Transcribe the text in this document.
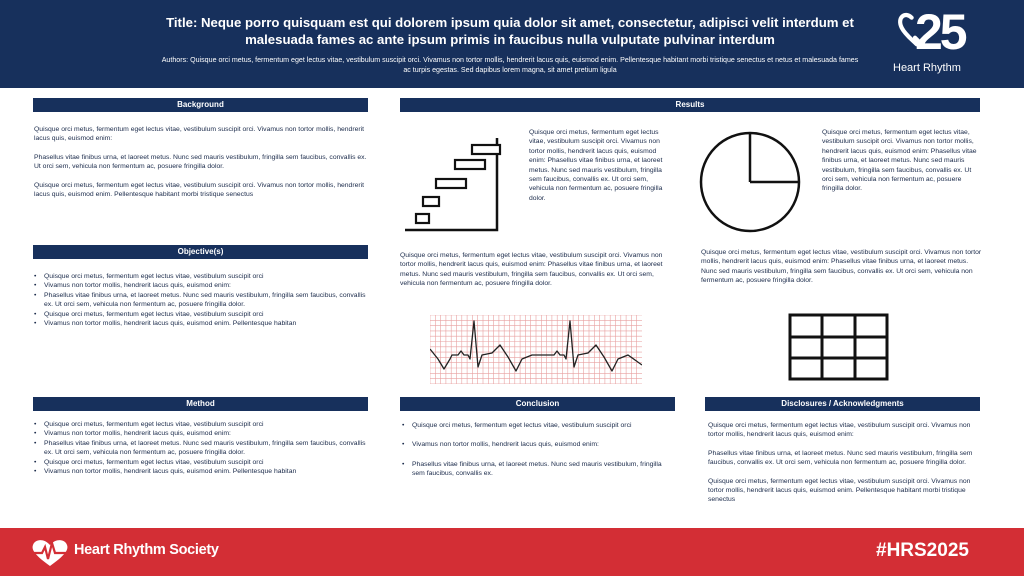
Title: Neque porro quisquam est qui dolorem ipsum quia dolor sit amet, consectetur, adipisci velit interdum et malesuada fames ac ante ipsum primis in faucibus nulla vulputate pulvinar interdum
Authors: Quisque orci metus, fermentum eget lectus vitae, vestibulum suscipit orci. Vivamus non tortor mollis, hendrerit lacus quis, euismod enim. Pellentesque habitant morbi tristique senectus et netus et malesuada fames ac turpis egestas. Sed dapibus lorem magna, sit amet pretium ligula
25
Heart Rhythm
Background

Quisque orci metus, fermentum eget lectus vitae, vestibulum suscipit orci. Vivamus non tortor mollis, hendrerit lacus quis, euismod enim:

Phasellus vitae finibus urna, et laoreet metus. Nunc sed mauris vestibulum, fringilla sem faucibus, convallis ex. Ut orci sem, vehicula non fermentum ac, posuere fringilla dolor.

Quisque orci metus, fermentum eget lectus vitae, vestibulum suscipit orci. Vivamus non tortor mollis, hendrerit lacus quis, euismod enim. Pellentesque habitant morbi tristique senectus

Objective(s)
• Quisque orci metus, fermentum eget lectus vitae, vestibulum suscipit orci
• Vivamus non tortor mollis, hendrerit lacus quis, euismod enim:
• Phasellus vitae finibus urna, et laoreet metus. Nunc sed mauris vestibulum, fringilla sem faucibus, convallis ex. Ut orci sem, vehicula non fermentum ac, posuere fringilla dolor.
• Quisque orci metus, fermentum eget lectus vitae, vestibulum suscipit orci
• Vivamus non tortor mollis, hendrerit lacus quis, euismod enim. Pellentesque habitan
Method
• Quisque orci metus, fermentum eget lectus vitae, vestibulum suscipit orci
• Vivamus non tortor mollis, hendrerit lacus quis, euismod enim:
• Phasellus vitae finibus urna, et laoreet metus. Nunc sed mauris vestibulum, fringilla sem faucibus, convallis ex. Ut orci sem, vehicula non fermentum ac, posuere fringilla dolor.
• Quisque orci metus, fermentum eget lectus vitae, vestibulum suscipit orci
• Vivamus non tortor mollis, hendrerit lacus quis, euismod enim. Pellentesque habitan
Results
Quisque orci metus, fermentum eget lectus vitae, vestibulum suscipit orci. Vivamus non tortor mollis, hendrerit lacus quis, euismod enim: Phasellus vitae finibus urna, et laoreet metus. Nunc sed mauris vestibulum, fringilla sem faucibus, convallis ex. Ut orci sem, vehicula non fermentum ac, posuere fringilla dolor.
Quisque orci metus, fermentum eget lectus vitae, vestibulum suscipit orci. Vivamus non tortor mollis, hendrerit lacus quis, euismod enim: Phasellus vitae finibus urna, et laoreet metus. Nunc sed mauris vestibulum, fringilla sem faucibus, convallis ex. Ut orci sem, vehicula non fermentum ac, posuere fringilla dolor.
Quisque orci metus, fermentum eget lectus vitae, vestibulum suscipit orci. Vivamus non tortor mollis, hendrerit lacus quis, euismod enim: Phasellus vitae finibus urna, et laoreet metus. Nunc sed mauris vestibulum, fringilla sem faucibus, convallis ex. Ut orci sem, vehicula non fermentum ac, posuere fringilla dolor.
Quisque orci metus, fermentum eget lectus vitae, vestibulum suscipit orci. Vivamus non tortor mollis, hendrerit lacus quis, euismod enim: Phasellus vitae finibus urna, et laoreet metus. Nunc sed mauris vestibulum, fringilla sem faucibus, convallis ex. Ut orci sem, vehicula non fermentum ac, posuere fringilla dolor.
Conclusion
• Quisque orci metus, fermentum eget lectus vitae, vestibulum suscipit orci
• Vivamus non tortor mollis, hendrerit lacus quis, euismod enim:
• Phasellus vitae finibus urna, et laoreet metus. Nunc sed mauris vestibulum, fringilla sem faucibus, convallis ex.
Disclosures / Acknowledgments

Quisque orci metus, fermentum eget lectus vitae, vestibulum suscipit orci. Vivamus non tortor mollis, hendrerit lacus quis, euismod enim:

Phasellus vitae finibus urna, et laoreet metus. Nunc sed mauris vestibulum, fringilla sem faucibus, convallis ex. Ut orci sem, vehicula non fermentum ac, posuere fringilla dolor.

Quisque orci metus, fermentum eget lectus vitae, vestibulum suscipit orci. Vivamus non tortor mollis, hendrerit lacus quis, euismod enim. Pellentesque habitant morbi tristique senectus

Heart Rhythm Society	#HRS2025
